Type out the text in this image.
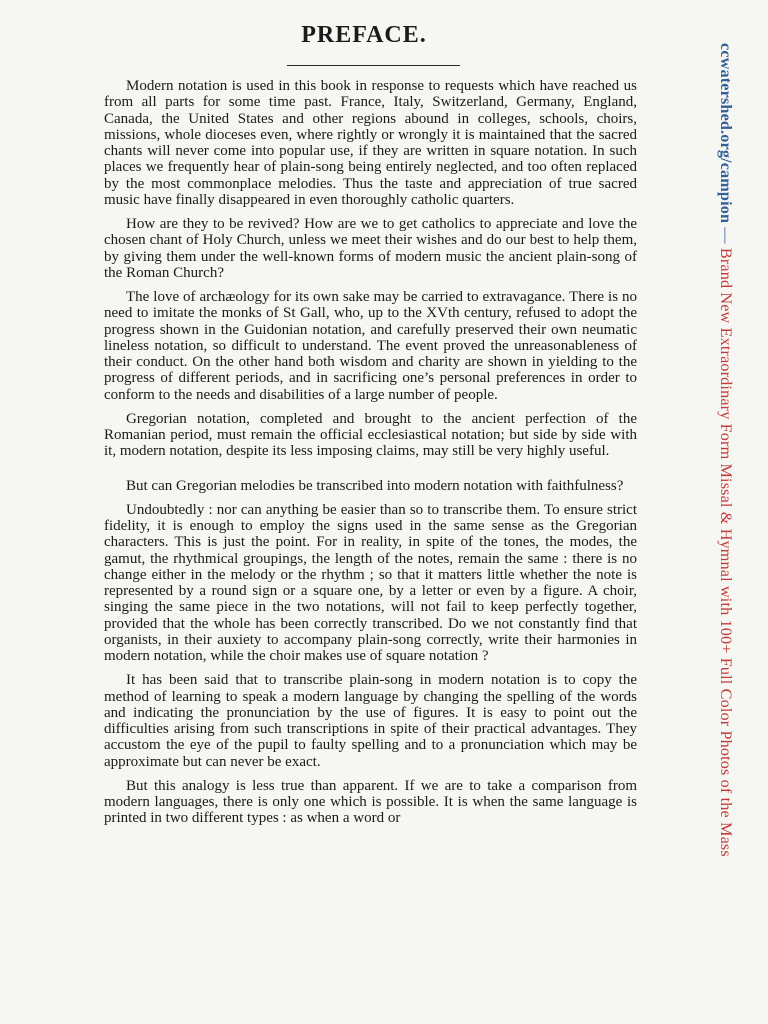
PREFACE.

Modern notation is used in this book in response to requests which have reached us from all parts for some time past. France, Italy, Switzerland, Germany, England, Canada, the United States and other regions abound in colleges, schools, choirs, missions, whole dioceses even, where rightly or wrongly it is maintained that the sacred chants will never come into popular use, if they are written in square notation. In such places we frequently hear of plain-song being entirely neglected, and too often replaced by the most commonplace melodies. Thus the taste and appreciation of true sacred music have finally disappeared in even thoroughly catholic quarters.

How are they to be revived? How are we to get catholics to appreciate and love the chosen chant of Holy Church, unless we meet their wishes and do our best to help them, by giving them under the well-known forms of modern music the ancient plain-song of the Roman Church?

The love of archæology for its own sake may be carried to extravagance. There is no need to imitate the monks of St Gall, who, up to the XVth century, refused to adopt the progress shown in the Guidonian notation, and carefully preserved their own neumatic lineless notation, so difficult to understand. The event proved the unreasonableness of their conduct. On the other hand both wisdom and charity are shown in yielding to the progress of different periods, and in sacrificing one’s personal preferences in order to conform to the needs and disabilities of a large number of people.

Gregorian notation, completed and brought to the ancient perfection of the Romanian period, must remain the official ecclesiastical notation; but side by side with it, modern notation, despite its less imposing claims, may still be very highly useful.

But can Gregorian melodies be transcribed into modern notation with faithfulness?

Undoubtedly : nor can anything be easier than so to transcribe them. To ensure strict fidelity, it is enough to employ the signs used in the same sense as the Gregorian characters. This is just the point. For in reality, in spite of the tones, the modes, the gamut, the rhythmical groupings, the length of the notes, remain the same : there is no change either in the melody or the rhythm ; so that it matters little whether the note is represented by a round sign or a square one, by a letter or even by a figure. A choir, singing the same piece in the two notations, will not fail to keep perfectly together, provided that the whole has been correctly transcribed. Do we not constantly find that organists, in their auxiety to accompany plain-song correctly, write their harmonies in modern notation, while the choir makes use of square notation ?

It has been said that to transcribe plain-song in modern notation is to copy the method of learning to speak a modern language by changing the spelling of the words and indicating the pronunciation by the use of figures. It is easy to point out the difficulties arising from such transcriptions in spite of their practical advantages. They accustom the eye of the pupil to faulty spelling and to a pronunciation which may be approximate but can never be exact.

But this analogy is less true than apparent. If we are to take a comparison from modern languages, there is only one which is possible. It is when the same language is printed in two different types : as when a word or

ccwatershed.org/campion — Brand New Extraordinary Form Missal & Hymnal with 100+ Full Color Photos of the Mass
